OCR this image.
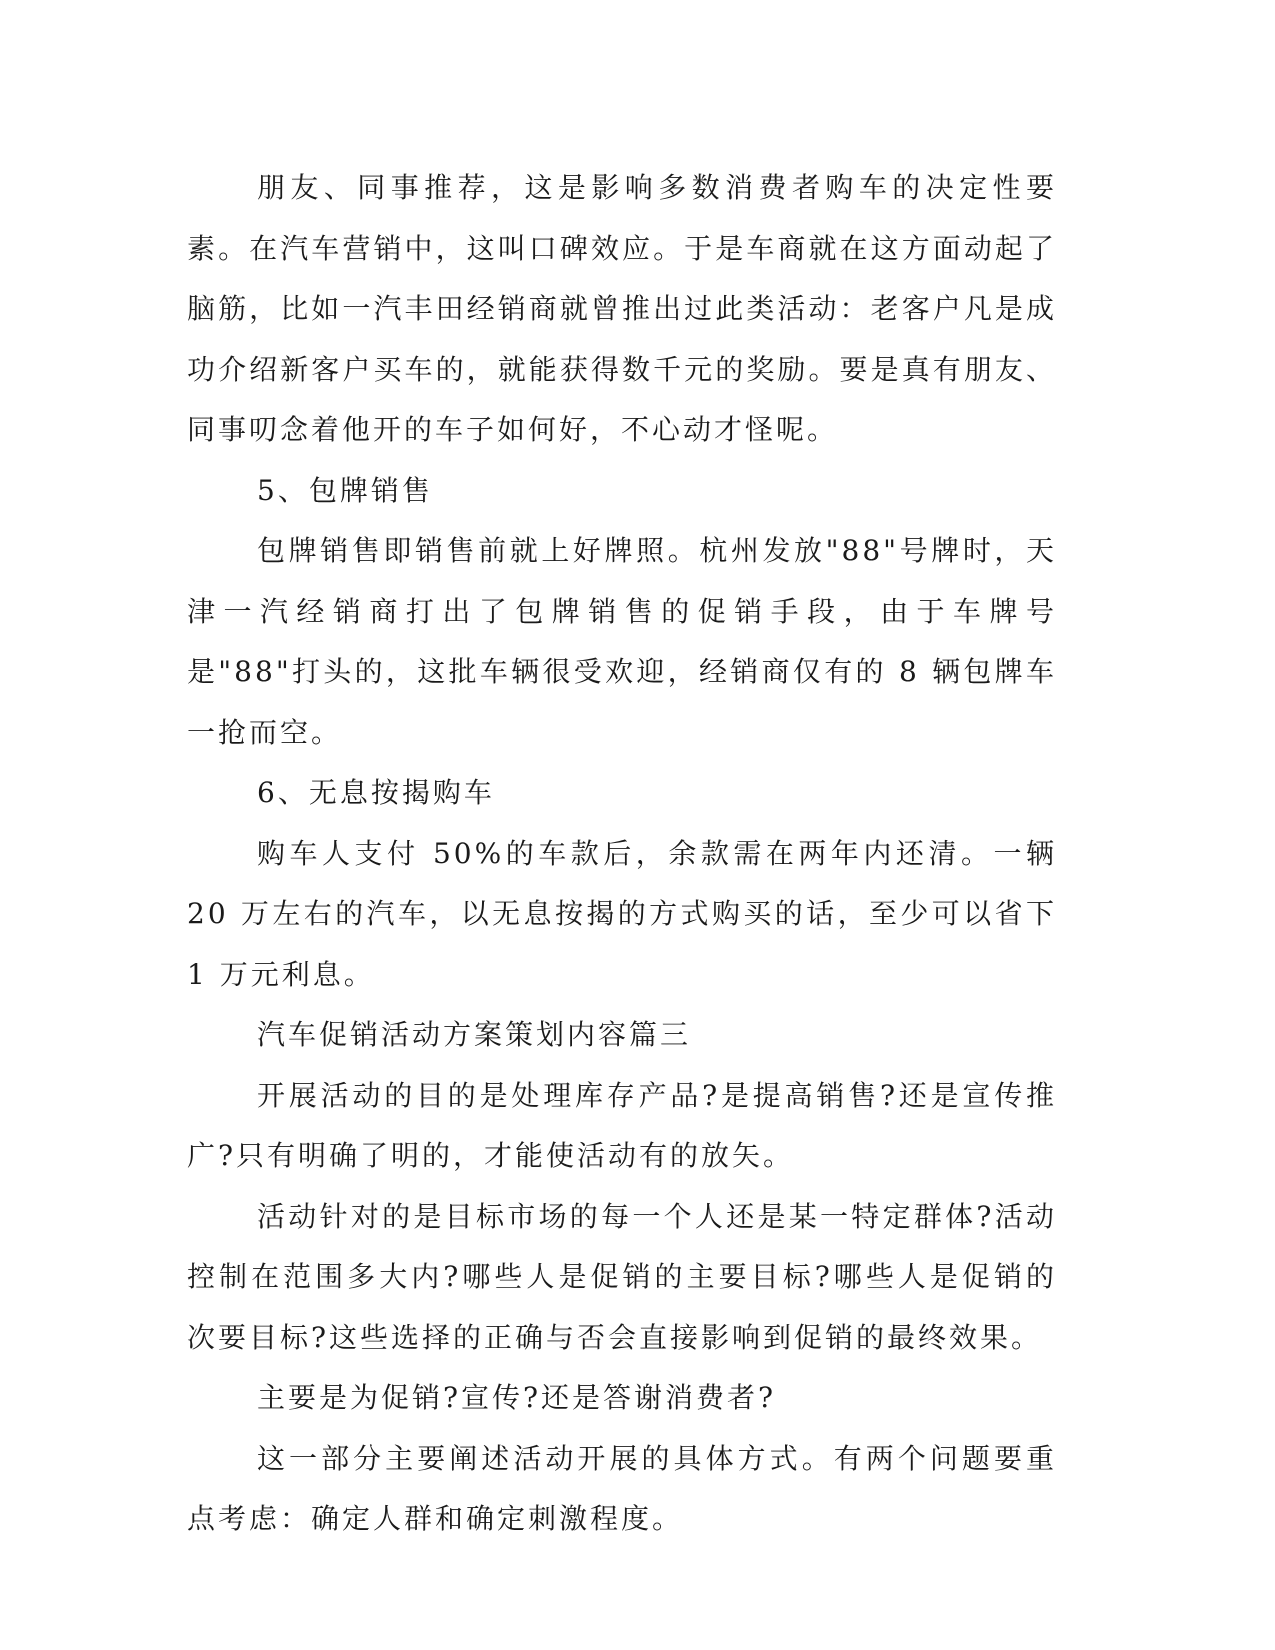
朋友、同事推荐，这是影响多数消费者购车的决定性要素。在汽车营销中，这叫口碑效应。于是车商就在这方面动起了脑筋，比如一汽丰田经销商就曾推出过此类活动：老客户凡是成功介绍新客户买车的，就能获得数千元的奖励。要是真有朋友、同事叨念着他开的车子如何好，不心动才怪呢。

5、包牌销售

包牌销售即销售前就上好牌照。杭州发放"88"号牌时，天津一汽经销商打出了包牌销售的促销手段，由于车牌号是"88"打头的，这批车辆很受欢迎，经销商仅有的 8 辆包牌车一抢而空。

6、无息按揭购车

购车人支付 50%的车款后，余款需在两年内还清。一辆 20 万左右的汽车，以无息按揭的方式购买的话，至少可以省下 1 万元利息。

汽车促销活动方案策划内容篇三

开展活动的目的是处理库存产品?是提高销售?还是宣传推广?只有明确了明的，才能使活动有的放矢。

活动针对的是目标市场的每一个人还是某一特定群体?活动控制在范围多大内?哪些人是促销的主要目标?哪些人是促销的次要目标?这些选择的正确与否会直接影响到促销的最终效果。

主要是为促销?宣传?还是答谢消费者?

这一部分主要阐述活动开展的具体方式。有两个问题要重点考虑：确定人群和确定刺激程度。
